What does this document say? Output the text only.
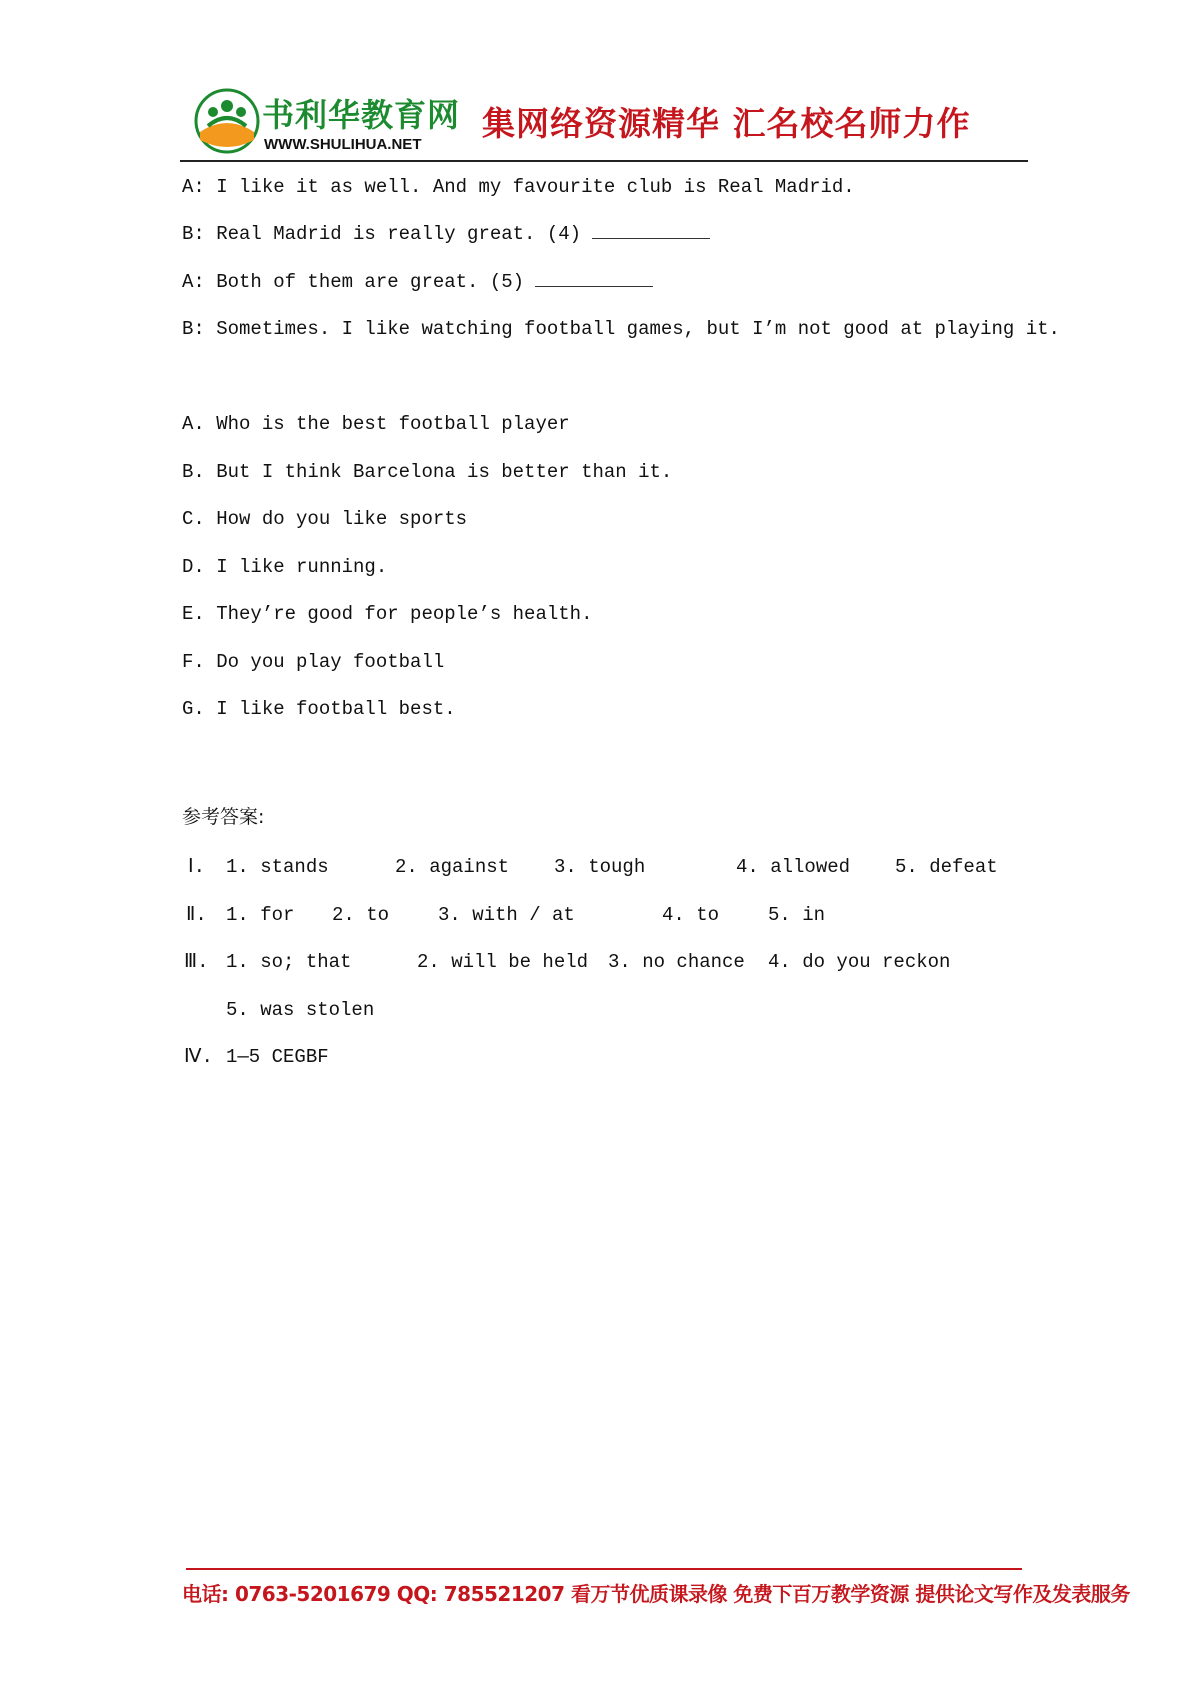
书利华教育网
WWW.SHULIHUA.NET
集网络资源精华 汇名校名师力作
A: I like it as well. And my favourite club is Real Madrid.
B: Real Madrid is really great. (4)
A: Both of them are great. (5)
B: Sometimes. I like watching football games, but I’m not good at playing it.
A. Who is the best football player
B. But I think Barcelona is better than it.
C. How do you like sports
D. I like running.
E. They’re good for people’s health.
F. Do you play football
G. I like football best.
参考答案:

Ⅰ.

1. stands

	2. against

3. tough

	4. allowed

5. defeat

Ⅱ.

1. for

2. to

	3. with / at

	4. to

	5. in

Ⅲ.

1. so; that

	2. will be held

3. no chance

4. do you reckon

5. was stolen

Ⅳ.

1—5 CEGBF

电话: 0763-5201679 QQ: 785521207 看万节优质课录像 免费下百万教学资源 提供论文写作及发表服务
